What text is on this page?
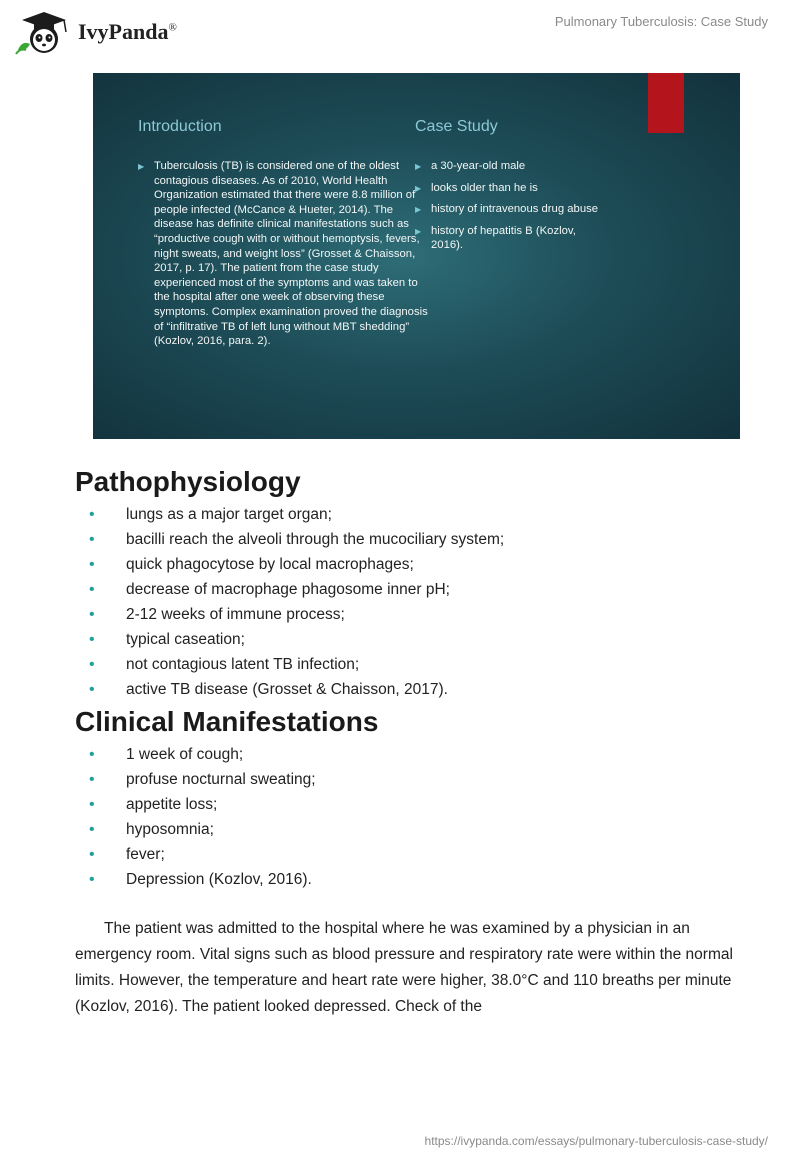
IvyPanda®	Pulmonary Tuberculosis: Case Study
Introduction
▶ Tuberculosis (TB) is considered one of the oldest contagious diseases. As of 2010, World Health Organization estimated that there were 8.8 million of people infected (McCance & Hueter, 2014). The disease has definite clinical manifestations such as “productive cough with or without hemoptysis, fevers, night sweats, and weight loss” (Grosset & Chaisson, 2017, p. 17). The patient from the case study experienced most of the symptoms and was taken to the hospital after one week of observing these symptoms. Complex examination proved the diagnosis of “infiltrative TB of left lung without MBT shedding” (Kozlov, 2016, para. 2).
Case Study
▶ a 30-year-old male
▶ looks older than he is
▶ history of intravenous drug abuse
▶ history of hepatitis B (Kozlov, 2016).
Pathophysiology
• lungs as a major target organ;
• bacilli reach the alveoli through the mucociliary system;
• quick phagocytose by local macrophages;
• decrease of macrophage phagosome inner pH;
• 2-12 weeks of immune process;
• typical caseation;
• not contagious latent TB infection;
• active TB disease (Grosset & Chaisson, 2017).
Clinical Manifestations
• 1 week of cough;
• profuse nocturnal sweating;
• appetite loss;
• hyposomnia;
• fever;
• Depression (Kozlov, 2016).

The patient was admitted to the hospital where he was examined by a physician in an emergency room. Vital signs such as blood pressure and respiratory rate were within the normal limits. However, the temperature and heart rate were higher, 38.0°C and 110 breaths per minute (Kozlov, 2016). The patient looked depressed. Check of the

https://ivypanda.com/essays/pulmonary-tuberculosis-case-study/
